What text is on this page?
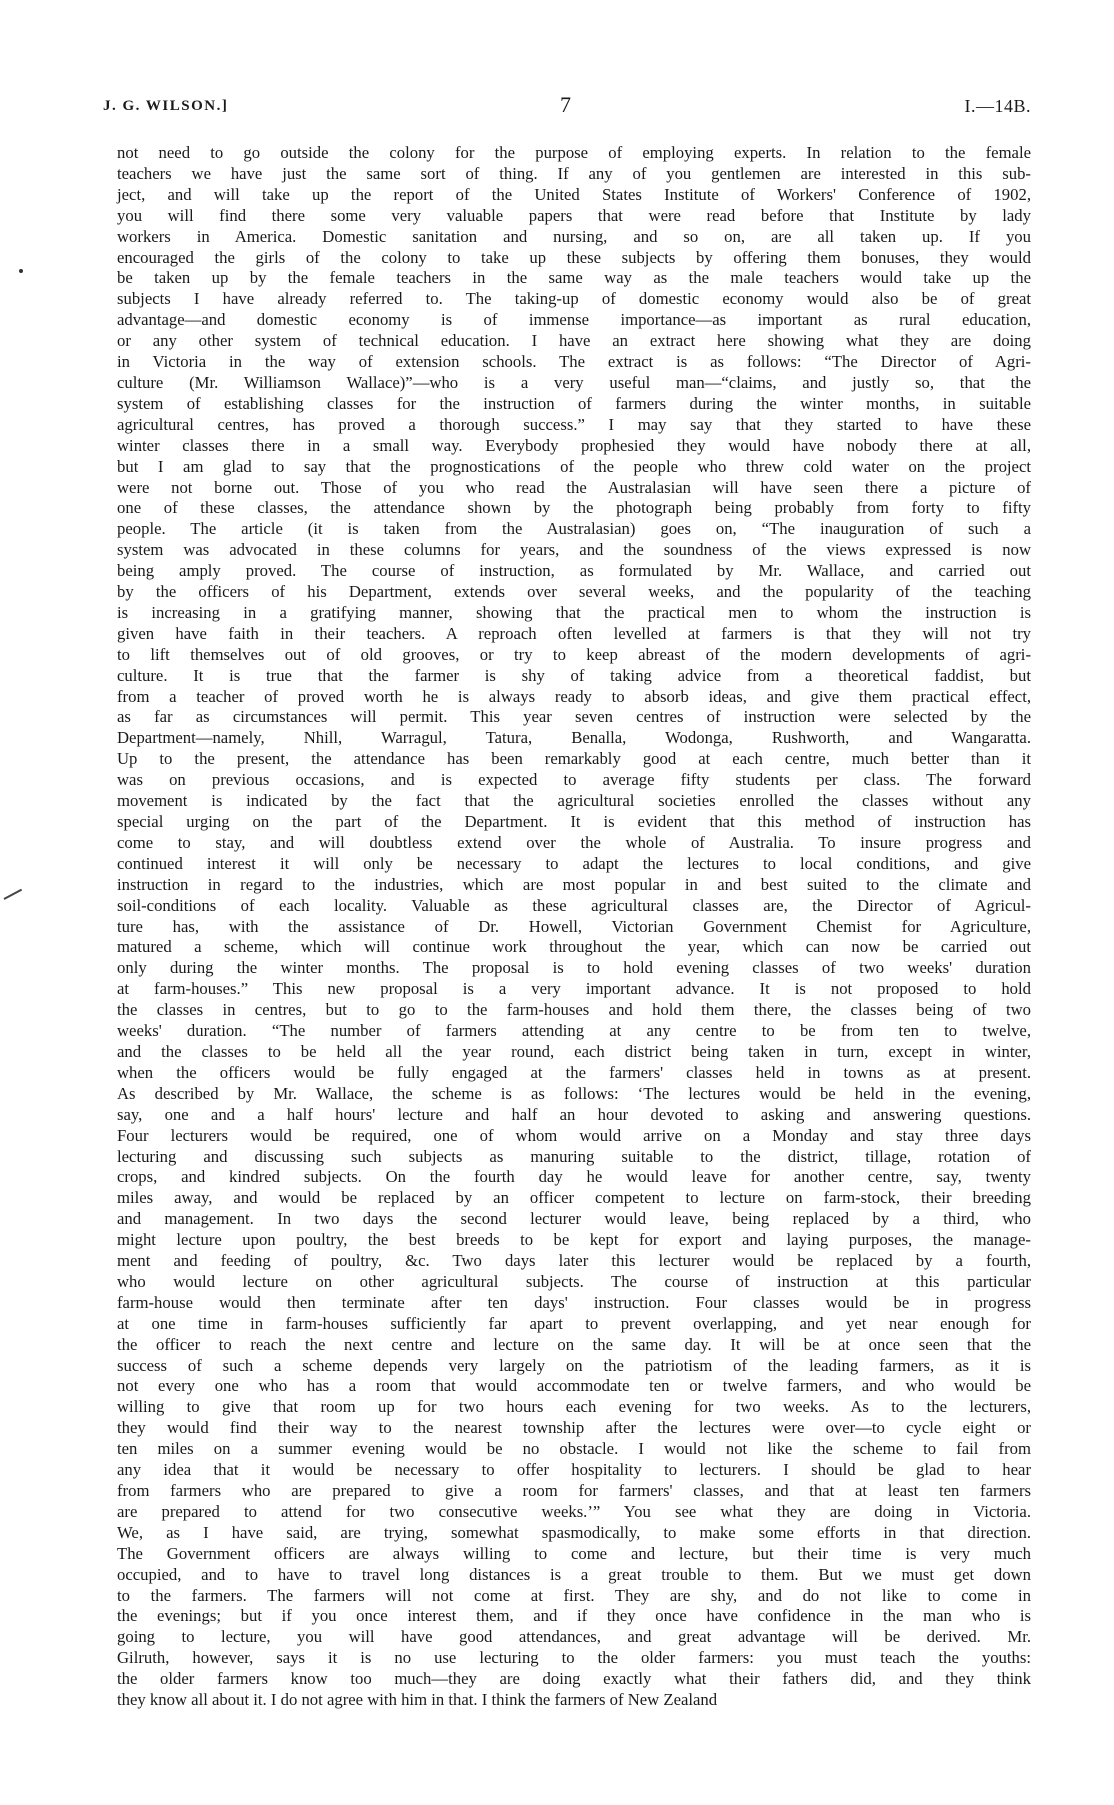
J. G. WILSON.]	7	I.—14B.
not need to go outside the colony for the purpose of employing experts. In relation to the female
teachers we have just the same sort of thing. If any of you gentlemen are interested in this sub-
ject, and will take up the report of the United States Institute of Workers' Conference of 1902,
you will find there some very valuable papers that were read before that Institute by lady
workers in America. Domestic sanitation and nursing, and so on, are all taken up. If you
encouraged the girls of the colony to take up these subjects by offering them bonuses, they would
be taken up by the female teachers in the same way as the male teachers would take up the
subjects I have already referred to. The taking-up of domestic economy would also be of great
advantage—and domestic economy is of immense importance—as important as rural education,
or any other system of technical education. I have an extract here showing what they are doing
in Victoria in the way of extension schools. The extract is as follows: “The Director of Agri-
culture (Mr. Williamson Wallace)”—who is a very useful man—“claims, and justly so, that the
system of establishing classes for the instruction of farmers during the winter months, in suitable
agricultural centres, has proved a thorough success.” I may say that they started to have these
winter classes there in a small way. Everybody prophesied they would have nobody there at all,
but I am glad to say that the prognostications of the people who threw cold water on the project
were not borne out. Those of you who read the Australasian will have seen there a picture of
one of these classes, the attendance shown by the photograph being probably from forty to fifty
people. The article (it is taken from the Australasian) goes on, “The inauguration of such a
system was advocated in these columns for years, and the soundness of the views expressed is now
being amply proved. The course of instruction, as formulated by Mr. Wallace, and carried out
by the officers of his Department, extends over several weeks, and the popularity of the teaching
is increasing in a gratifying manner, showing that the practical men to whom the instruction is
given have faith in their teachers. A reproach often levelled at farmers is that they will not try
to lift themselves out of old grooves, or try to keep abreast of the modern developments of agri-
culture. It is true that the farmer is shy of taking advice from a theoretical faddist, but
from a teacher of proved worth he is always ready to absorb ideas, and give them practical effect,
as far as circumstances will permit. This year seven centres of instruction were selected by the
Department—namely, Nhill, Warragul, Tatura, Benalla, Wodonga, Rushworth, and Wangaratta.
Up to the present, the attendance has been remarkably good at each centre, much better than it
was on previous occasions, and is expected to average fifty students per class. The forward
movement is indicated by the fact that the agricultural societies enrolled the classes without any
special urging on the part of the Department. It is evident that this method of instruction has
come to stay, and will doubtless extend over the whole of Australia. To insure progress and
continued interest it will only be necessary to adapt the lectures to local conditions, and give
instruction in regard to the industries, which are most popular in and best suited to the climate and
soil-conditions of each locality. Valuable as these agricultural classes are, the Director of Agricul-
ture has, with the assistance of Dr. Howell, Victorian Government Chemist for Agriculture,
matured a scheme, which will continue work throughout the year, which can now be carried out
only during the winter months. The proposal is to hold evening classes of two weeks' duration
at farm-houses.” This new proposal is a very important advance. It is not proposed to hold
the classes in centres, but to go to the farm-houses and hold them there, the classes being of two
weeks' duration. “The number of farmers attending at any centre to be from ten to twelve,
and the classes to be held all the year round, each district being taken in turn, except in winter,
when the officers would be fully engaged at the farmers' classes held in towns as at present.
As described by Mr. Wallace, the scheme is as follows: ‘The lectures would be held in the evening,
say, one and a half hours' lecture and half an hour devoted to asking and answering questions.
Four lecturers would be required, one of whom would arrive on a Monday and stay three days
lecturing and discussing such subjects as manuring suitable to the district, tillage, rotation of
crops, and kindred subjects. On the fourth day he would leave for another centre, say, twenty
miles away, and would be replaced by an officer competent to lecture on farm-stock, their breeding
and management. In two days the second lecturer would leave, being replaced by a third, who
might lecture upon poultry, the best breeds to be kept for export and laying purposes, the manage-
ment and feeding of poultry, &c. Two days later this lecturer would be replaced by a fourth,
who would lecture on other agricultural subjects. The course of instruction at this particular
farm-house would then terminate after ten days' instruction. Four classes would be in progress
at one time in farm-houses sufficiently far apart to prevent overlapping, and yet near enough for
the officer to reach the next centre and lecture on the same day. It will be at once seen that the
success of such a scheme depends very largely on the patriotism of the leading farmers, as it is
not every one who has a room that would accommodate ten or twelve farmers, and who would be
willing to give that room up for two hours each evening for two weeks. As to the lecturers,
they would find their way to the nearest township after the lectures were over—to cycle eight or
ten miles on a summer evening would be no obstacle. I would not like the scheme to fail from
any idea that it would be necessary to offer hospitality to lecturers. I should be glad to hear
from farmers who are prepared to give a room for farmers' classes, and that at least ten farmers
are prepared to attend for two consecutive weeks.’” You see what they are doing in Victoria.
We, as I have said, are trying, somewhat spasmodically, to make some efforts in that direction.
The Government officers are always willing to come and lecture, but their time is very much
occupied, and to have to travel long distances is a great trouble to them. But we must get down
to the farmers. The farmers will not come at first. They are shy, and do not like to come in
the evenings; but if you once interest them, and if they once have confidence in the man who is
going to lecture, you will have good attendances, and great advantage will be derived. Mr.
Gilruth, however, says it is no use lecturing to the older farmers: you must teach the youths:
the older farmers know too much—they are doing exactly what their fathers did, and they think
they know all about it. I do not agree with him in that. I think the farmers of New Zealand
